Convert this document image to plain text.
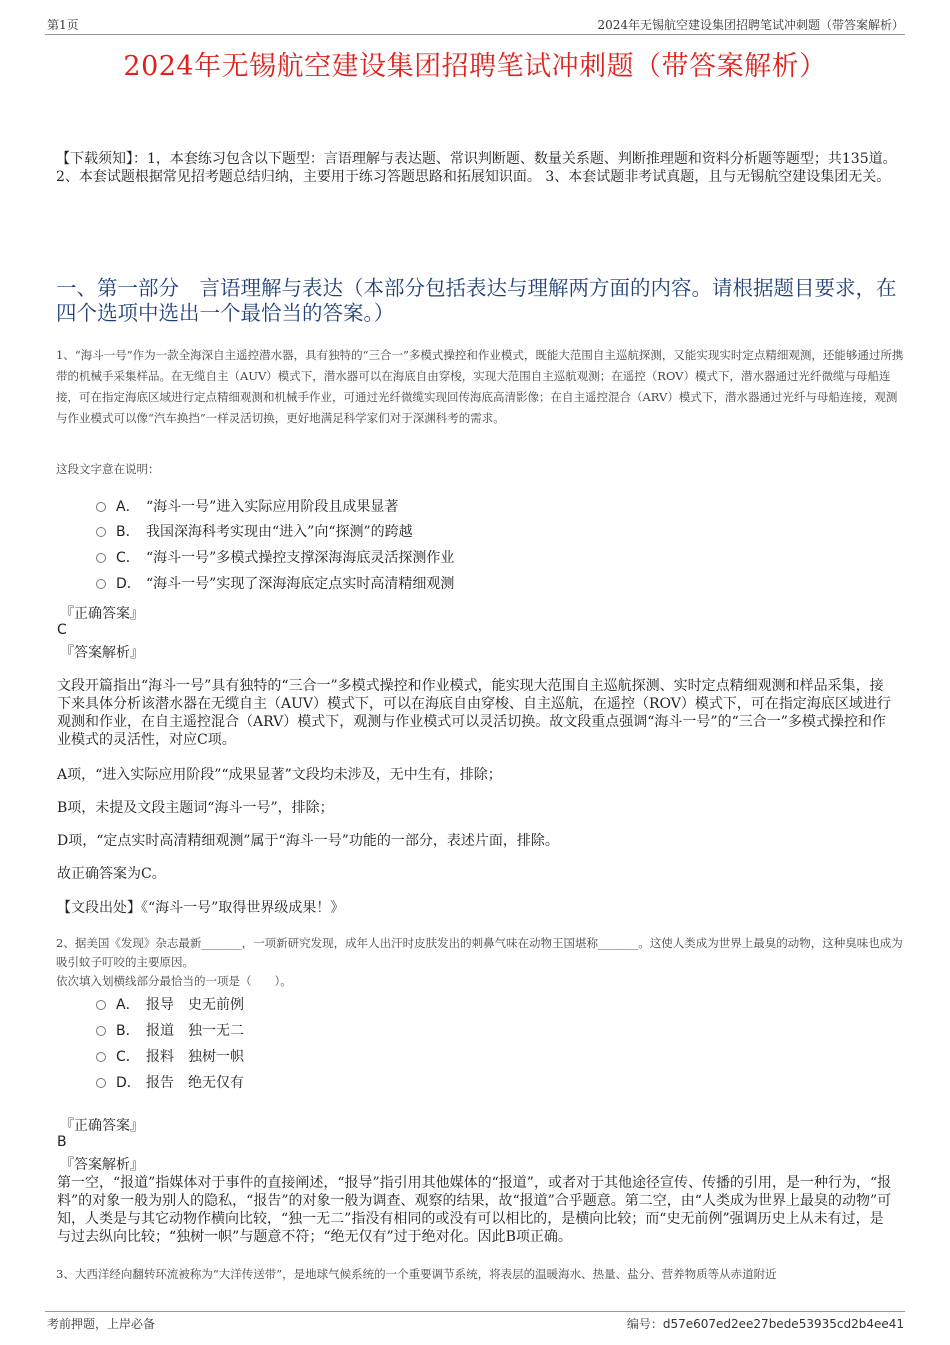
第1页	2024年无锡航空建设集团招聘笔试冲刺题（带答案解析）
2024年无锡航空建设集团招聘笔试冲刺题（带答案解析）
【下载须知】：1，本套练习包含以下题型：言语理解与表达题、常识判断题、数量关系题、判断推理题和资料分析题等题型；共135道。 2、本套试题根据常见招考题总结归纳，主要用于练习答题思路和拓展知识面。 3、本套试题非考试真题，且与无锡航空建设集团无关。
一、第一部分　言语理解与表达（本部分包括表达与理解两方面的内容。请根据题目要求，在四个选项中选出一个最恰当的答案。）
1、“海斗一号”作为一款全海深自主遥控潜水器，具有独特的“三合一”多模式操控和作业模式，既能大范围自主巡航探测，又能实现实时定点精细观测，还能够通过所携带的机械手采集样品。在无缆自主（AUV）模式下，潜水器可以在海底自由穿梭，实现大范围自主巡航观测；在遥控（ROV）模式下，潜水器通过光纤微缆与母船连接，可在指定海底区域进行定点精细观测和机械手作业，可通过光纤微缆实现回传海底高清影像；在自主遥控混合（ARV）模式下，潜水器通过光纤与母船连接，观测与作业模式可以像“汽车换挡”一样灵活切换，更好地满足科学家们对于深渊科考的需求。
这段文字意在说明：
A． “海斗一号”进入实际应用阶段且成果显著
B． 我国深海科考实现由“进入”向“探测”的跨越
C． “海斗一号”多模式操控支撑深海海底灵活探测作业
D． “海斗一号”实现了深海海底定点实时高清精细观测
『正确答案』
C
『答案解析』
文段开篇指出“海斗一号”具有独特的“三合一”多模式操控和作业模式，能实现大范围自主巡航探测、实时定点精细观测和样品采集，接下来具体分析该潜水器在无缆自主（AUV）模式下，可以在海底自由穿梭、自主巡航，在遥控（ROV）模式下，可在指定海底区域进行观测和作业，在自主遥控混合（ARV）模式下，观测与作业模式可以灵活切换。故文段重点强调“海斗一号”的“三合一”多模式操控和作业模式的灵活性，对应C项。
A项，“进入实际应用阶段”“成果显著”文段均未涉及，无中生有，排除；
B项，未提及文段主题词“海斗一号”，排除；
D项，“定点实时高清精细观测”属于“海斗一号”功能的一部分，表述片面，排除。
故正确答案为C。
【文段出处】《“海斗一号”取得世界级成果！》
2、据美国《发现》杂志最新_______，一项新研究发现，成年人出汗时皮肤发出的刺鼻气味在动物王国堪称_______。这使人类成为世界上最臭的动物，这种臭味也成为吸引蚊子叮咬的主要原因。
依次填入划横线部分最恰当的一项是（　　）。
A． 报导　史无前例
B． 报道　独一无二
C． 报料　独树一帜
D． 报告　绝无仅有
『正确答案』
B
『答案解析』
第一空，“报道”指媒体对于事件的直接阐述，“报导”指引用其他媒体的“报道”，或者对于其他途径宣传、传播的引用，是一种行为，“报料”的对象一般为别人的隐私，“报告”的对象一般为调查、观察的结果，故“报道”合乎题意。第二空，由“人类成为世界上最臭的动物”可知，人类是与其它动物作横向比较，“独一无二”指没有相同的或没有可以相比的，是横向比较；而“史无前例”强调历史上从未有过，是与过去纵向比较；“独树一帜”与题意不符；“绝无仅有”过于绝对化。因此B项正确。
3、大西洋经向翻转环流被称为“大洋传送带”，是地球气候系统的一个重要调节系统，将表层的温暖海水、热量、盐分、营养物质等从赤道附近
考前押题，上岸必备	编号：d57e607ed2ee27bede53935cd2b4ee41
